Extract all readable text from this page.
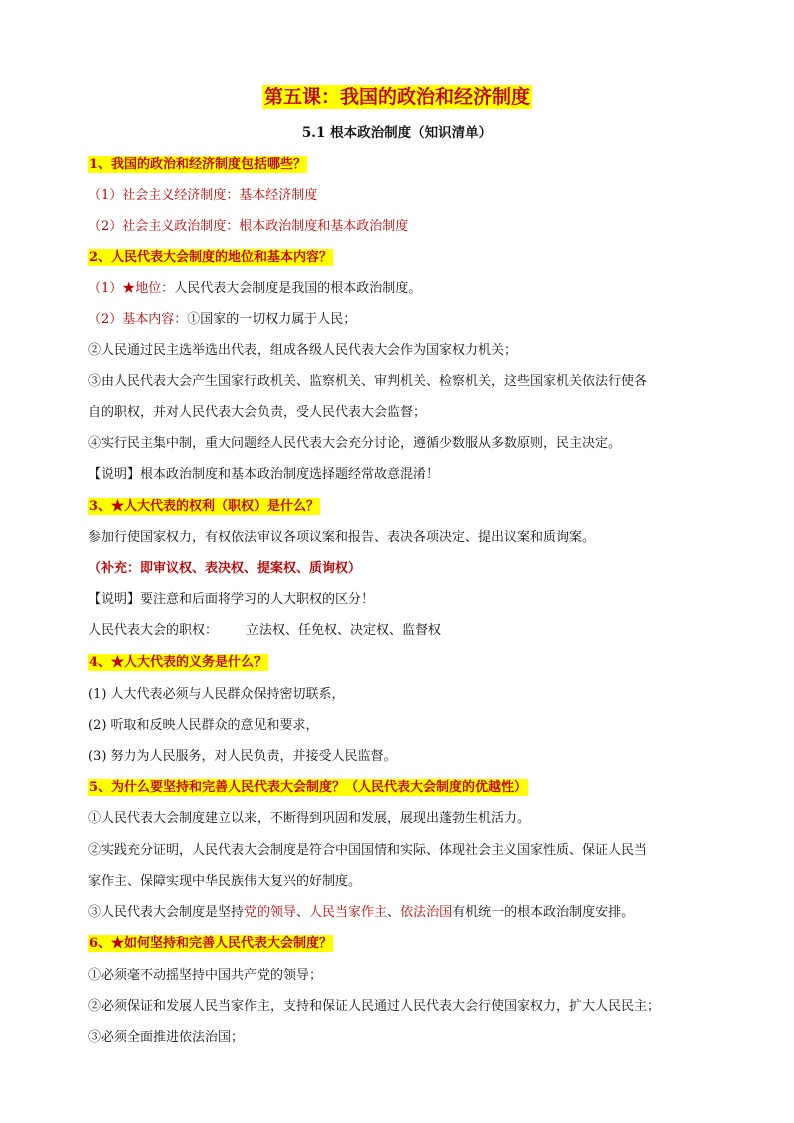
第五课：我国的政治和经济制度
5.1 根本政治制度（知识清单）
1、我国的政治和经济制度包括哪些？
（1）社会主义经济制度：基本经济制度
（2）社会主义政治制度：根本政治制度和基本政治制度
2、人民代表大会制度的地位和基本内容？
（1）★地位：人民代表大会制度是我国的根本政治制度。
（2）基本内容：①国家的一切权力属于人民；
②人民通过民主选举选出代表，组成各级人民代表大会作为国家权力机关；
③由人民代表大会产生国家行政机关、监察机关、审判机关、检察机关，这些国家机关依法行使各
自的职权，并对人民代表大会负责，受人民代表大会监督；
④实行民主集中制，重大问题经人民代表大会充分讨论，遵循少数服从多数原则，民主决定。
【说明】根本政治制度和基本政治制度选择题经常故意混淆！
3、★人大代表的权利（职权）是什么？
参加行使国家权力，有权依法审议各项议案和报告、表决各项决定、提出议案和质询案。
（补充：即审议权、表决权、提案权、质询权）
【说明】要注意和后面将学习的人大职权的区分！
人民代表大会的职权： 立法权、任免权、决定权、监督权
4、★人大代表的义务是什么？
(1) 人大代表必须与人民群众保持密切联系，
(2) 听取和反映人民群众的意见和要求，
(3) 努力为人民服务，对人民负责，并接受人民监督。
5、为什么要坚持和完善人民代表大会制度？（人民代表大会制度的优越性）
①人民代表大会制度建立以来，不断得到巩固和发展，展现出蓬勃生机活力。
②实践充分证明，人民代表大会制度是符合中国国情和实际、体现社会主义国家性质、保证人民当
家作主、保障实现中华民族伟大复兴的好制度。
③人民代表大会制度是坚持党的领导、人民当家作主、依法治国有机统一的根本政治制度安排。
6、★如何坚持和完善人民代表大会制度？
①必须毫不动摇坚持中国共产党的领导；
②必须保证和发展人民当家作主，支持和保证人民通过人民代表大会行使国家权力，扩大人民民主；
③必须全面推进依法治国；
